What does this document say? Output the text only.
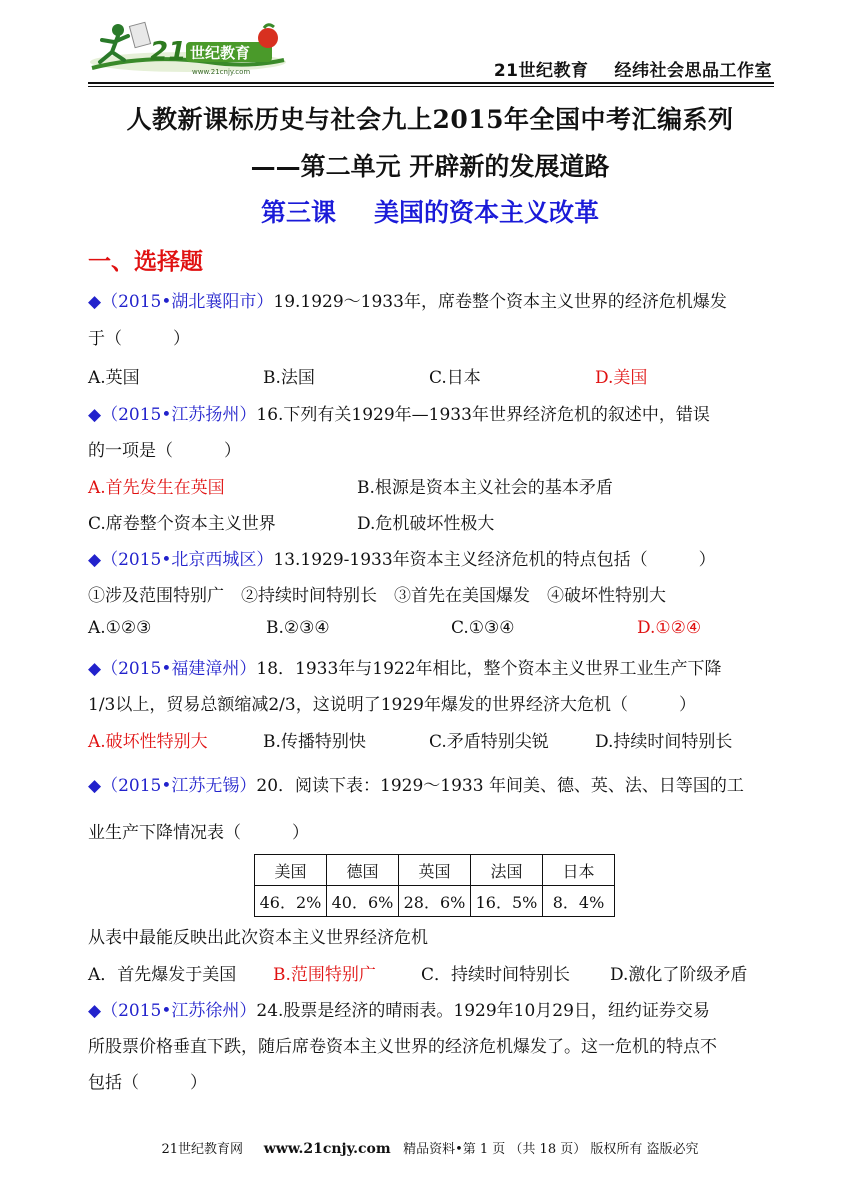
21 世纪教育
www.21cnjy.com	21世纪教育 经纬社会思品工作室
人教新课标历史与社会九上2015年全国中考汇编系列
——第二单元 开辟新的发展道路
第三课 美国的资本主义改革
一、选择题
◆（2015•湖北襄阳市）19.1929～1933年，席卷整个资本主义世界的经济危机爆发
于（　　　）
A.英国	B.法国	C.日本	D.美国
◆（2015•江苏扬州）16.下列有关1929年—1933年世界经济危机的叙述中，错误
的一项是（　　　）
A.首先发生在英国	B.根源是资本主义社会的基本矛盾
C.席卷整个资本主义世界	D.危机破坏性极大
◆（2015•北京西城区）13.1929-1933年资本主义经济危机的特点包括（　　　）
①涉及范围特别广　②持续时间特别长　③首先在美国爆发　④破坏性特别大
A.①②③	B.②③④	C.①③④	D.①②④
◆（2015•福建漳州）18．1933年与1922年相比，整个资本主义世界工业生产下降
1/3以上，贸易总额缩减2/3，这说明了1929年爆发的世界经济大危机（　　　）
A.破坏性特别大	B.传播特别快	C.矛盾特别尖锐	D.持续时间特别长
◆（2015•江苏无锡）20．阅读下表：1929～1933 年间美、德、英、法、日等国的工
业生产下降情况表（　　　）
美国	德国	英国	法国	日本
46．2%	40．6%	28．6%	16．5%	8．4%
从表中最能反映出此次资本主义世界经济危机
A．首先爆发于美国 B.范围特别广	C．持续时间特别长 D.激化了阶级矛盾
◆（2015•江苏徐州）24.股票是经济的晴雨表。1929年10月29日，纽约证券交易
所股票价格垂直下跌，随后席卷资本主义世界的经济危机爆发了。这一危机的特点不
包括（　　　）
21世纪教育网 www.21cnjy.com 精品资料•第 1 页 （共 18 页） 版权所有 盗版必究
